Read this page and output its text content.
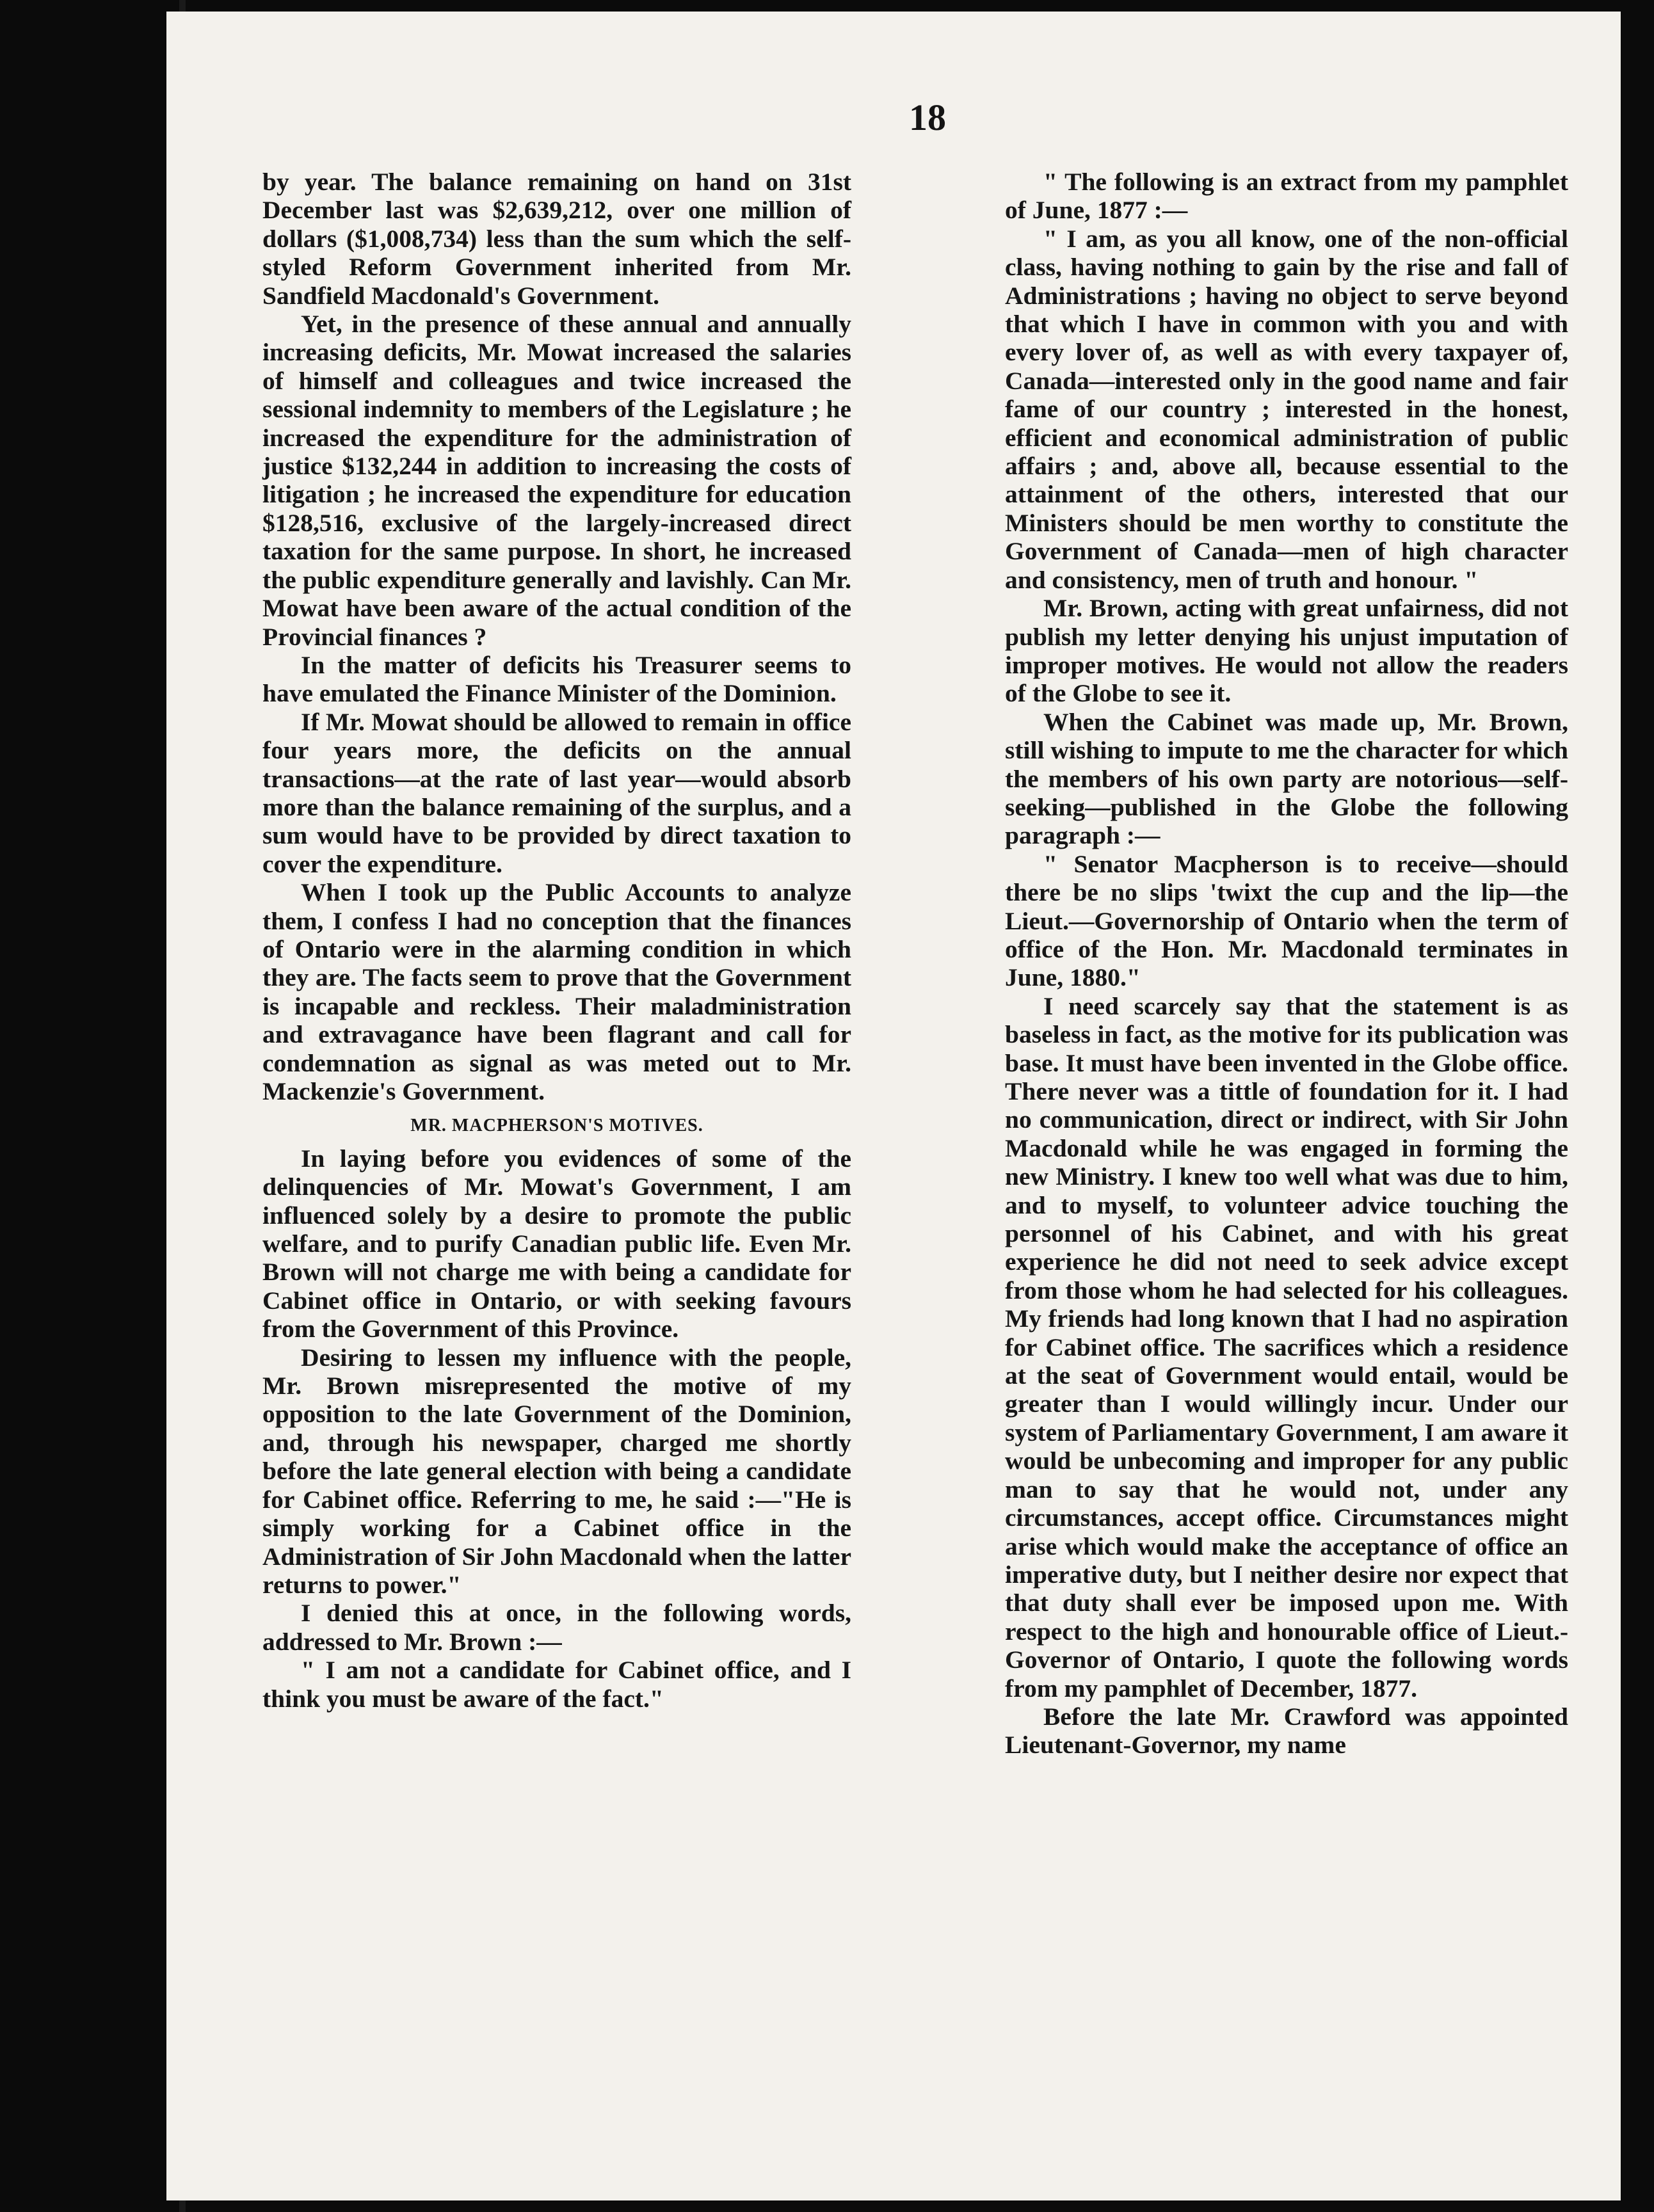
18

by year. The balance remaining on hand on 31st December last was $2,639,212, over one million of dollars ($1,008,734) less than the sum which the self-styled Reform Government inherited from Mr. Sandfield Macdonald's Government.

Yet, in the presence of these annual and annually increasing deficits, Mr. Mowat increased the salaries of himself and colleagues and twice increased the sessional indemnity to members of the Legislature ; he increased the expenditure for the administration of justice $132,244 in addition to increasing the costs of litigation ; he increased the expenditure for education $128,516, exclusive of the largely-increased direct taxation for the same purpose. In short, he increased the public expenditure generally and lavishly. Can Mr. Mowat have been aware of the actual condition of the Provincial finances ?

In the matter of deficits his Treasurer seems to have emulated the Finance Minister of the Dominion.

If Mr. Mowat should be allowed to remain in office four years more, the deficits on the annual transactions—at the rate of last year—would absorb more than the balance remaining of the surplus, and a sum would have to be provided by direct taxation to cover the expenditure.

When I took up the Public Accounts to analyze them, I confess I had no conception that the finances of Ontario were in the alarming condition in which they are. The facts seem to prove that the Government is incapable and reckless. Their maladministration and extravagance have been flagrant and call for condemnation as signal as was meted out to Mr. Mackenzie's Government.

MR. MACPHERSON'S MOTIVES.

In laying before you evidences of some of the delinquencies of Mr. Mowat's Government, I am influenced solely by a desire to promote the public welfare, and to purify Canadian public life. Even Mr. Brown will not charge me with being a candidate for Cabinet office in Ontario, or with seeking favours from the Government of this Province.

Desiring to lessen my influence with the people, Mr. Brown misrepresented the motive of my opposition to the late Government of the Dominion, and, through his newspaper, charged me shortly before the late general election with being a candidate for Cabinet office. Referring to me, he said :—"He is simply working for a Cabinet office in the Administration of Sir John Macdonald when the latter returns to power."

I denied this at once, in the following words, addressed to Mr. Brown :—

" I am not a candidate for Cabinet office, and I think you must be aware of the fact."

" The following is an extract from my pamphlet of June, 1877 :—

" I am, as you all know, one of the non-official class, having nothing to gain by the rise and fall of Administrations ; having no object to serve beyond that which I have in common with you and with every lover of, as well as with every taxpayer of, Canada—interested only in the good name and fair fame of our country ; interested in the honest, efficient and economical administration of public affairs ; and, above all, because essential to the attainment of the others, interested that our Ministers should be men worthy to constitute the Government of Canada—men of high character and consistency, men of truth and honour. "

Mr. Brown, acting with great unfairness, did not publish my letter denying his unjust imputation of improper motives. He would not allow the readers of the Globe to see it.

When the Cabinet was made up, Mr. Brown, still wishing to impute to me the character for which the members of his own party are notorious—self-seeking—published in the Globe the following paragraph :—

" Senator Macpherson is to receive—should there be no slips 'twixt the cup and the lip—the Lieut.—Governorship of Ontario when the term of office of the Hon. Mr. Macdonald terminates in June, 1880."

I need scarcely say that the statement is as baseless in fact, as the motive for its publication was base. It must have been invented in the Globe office. There never was a tittle of foundation for it. I had no communication, direct or indirect, with Sir John Macdonald while he was engaged in forming the new Ministry. I knew too well what was due to him, and to myself, to volunteer advice touching the personnel of his Cabinet, and with his great experience he did not need to seek advice except from those whom he had selected for his colleagues. My friends had long known that I had no aspiration for Cabinet office. The sacrifices which a residence at the seat of Government would entail, would be greater than I would willingly incur. Under our system of Parliamentary Government, I am aware it would be unbecoming and improper for any public man to say that he would not, under any circumstances, accept office. Circumstances might arise which would make the acceptance of office an imperative duty, but I neither desire nor expect that that duty shall ever be imposed upon me. With respect to the high and honourable office of Lieut.-Governor of Ontario, I quote the following words from my pamphlet of December, 1877.

Before the late Mr. Crawford was appointed Lieutenant-Governor, my name
